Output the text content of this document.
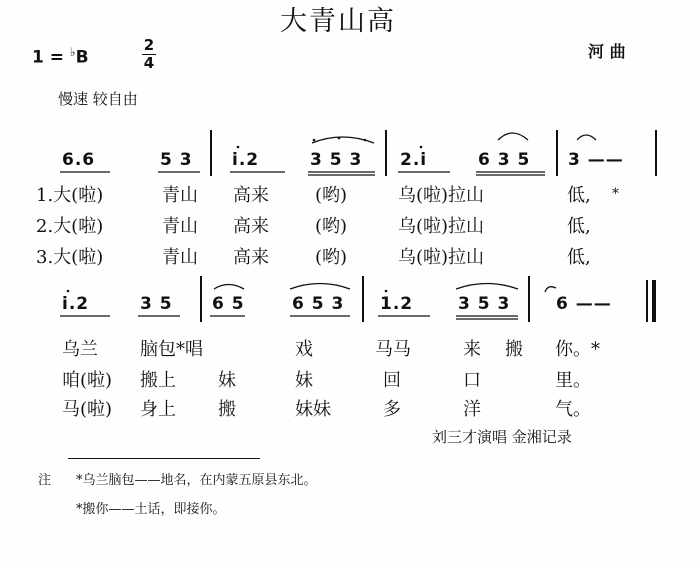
大青山高
1 = ♭B
2
4
河 曲
慢速 较自由
6.6	5 3 i.2	3 5 3 2.i	6 3 5 3 ——
1.大(啦)	青山 高来	(哟)	乌(啦)拉山	低, *
2.大(啦)	青山 高来	(哟)	乌(啦)拉山	低,
3.大(啦)	青山 高来	(哟)	乌(啦)拉山	低,
i.2	3 5 6 5	6 5 3 1.2	3 5 3	6 ——
乌兰 脑包*唱	戏	马马	来 搬 你。*
咱(啦) 搬上 妹	妹	回	口	里。
马(啦) 身上 搬	妹妹	多	洋	气。
刘三才演唱 金湘记录
注 *乌兰脑包——地名，在内蒙五原县东北。
*搬你——土话，即接你。
